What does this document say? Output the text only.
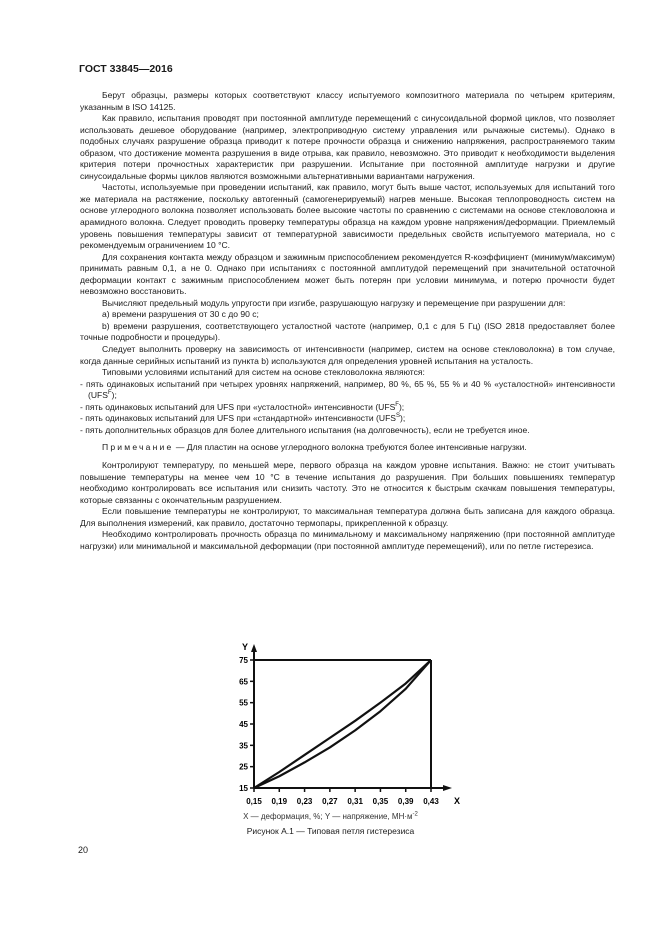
ГОСТ 33845—2016

Берут образцы, размеры которых соответствуют классу испытуемого композитного материала по четырем критериям, указанным в ISO 14125.

Как правило, испытания проводят при постоянной амплитуде перемещений с синусоидальной формой циклов, что позволяет использовать дешевое оборудование (например, электроприводную систему управления или рычажные системы). Однако в подобных случаях разрушение образца приводит к потере прочности образца и снижению напряжения, распространяемого таким образом, что достижение момента разрушения в виде отрыва, как правило, невозможно. Это приводит к необходимости выделения критерия потери прочностных характеристик при разрушении. Испытание при постоянной амплитуде нагрузки и другие синусоидальные формы циклов являются возможными альтернативными вариантами нагружения.

Частоты, используемые при проведении испытаний, как правило, могут быть выше частот, используемых для испытаний того же материала на растяжение, поскольку автогенный (самогенерируемый) нагрев меньше. Высокая теплопроводность систем на основе углеродного волокна позволяет использовать более высокие частоты по сравнению с системами на основе стекловолокна и арамидного волокна. Следует проводить проверку температуры образца на каждом уровне напряжения/деформации. Приемлемый уровень повышения температуры зависит от температурной зависимости предельных свойств испытуемого материала, но с рекомендуемым ограничением 10 °С.

Для сохранения контакта между образцом и зажимным приспособлением рекомендуется R-коэффициент (минимум/максимум) принимать равным 0,1, а не 0. Однако при испытаниях с постоянной амплитудой перемещений при значительной остаточной деформации контакт с зажимным приспособлением может быть потерян при условии минимума, и потерю прочности будет невозможно восстановить.

Вычисляют предельный модуль упругости при изгибе, разрушающую нагрузку и перемещение при разрушении для:

a) времени разрушения от 30 с до 90 с;

b) времени разрушения, соответствующего усталостной частоте (например, 0,1 с для 5 Гц) (ISO 2818 предоставляет более точные подробности и процедуры).

Следует выполнить проверку на зависимость от интенсивности (например, систем на основе стекловолокна) в том случае, когда данные серийных испытаний из пункта b) используются для определения уровней испытания на усталость.

Типовыми условиями испытаний для систем на основе стекловолокна являются:

- пять одинаковых испытаний при четырех уровнях напряжений, например, 80 %, 65 %, 55 % и 40 % «усталостной» интенсивности $(UFS^F)$;
- пять одинаковых испытаний для UFS при «усталостной» интенсивности $(UFS^F)$;
- пять одинаковых испытаний для UFS при «стандартной» интенсивности $(UFS^S)$;
- пять дополнительных образцов для более длительного испытания (на долговечность), если не требуется иное.

Примечание — Для пластин на основе углеродного волокна требуются более интенсивные нагрузки.

Контролируют температуру, по меньшей мере, первого образца на каждом уровне испытания. Важно: не стоит учитывать повышение температуры на менее чем 10 °С в течение испытания до разрушения. При больших повышениях температур необходимо контролировать все испытания или снизить частоту. Это не относится к быстрым скачкам повышения температуры, которые связанны с окончательным разрушением.

Если повышение температуры не контролируют, то максимальная температура должна быть записана для каждого образца. Для выполнения измерений, как правило, достаточно термопары, прикрепленной к образцу.

Необходимо контролировать прочность образца по минимальному и максимальному напряжению (при постоянной амплитуде нагрузки) или минимальной и максимальной деформации (при постоянной амплитуде перемещений), или по петле гистерезиса.

Y
X
15
25
35
45
55
65
75
0,15 0,19 0,23 0,27 0,31 0,35 0,39 0,43
X — деформация, %; Y — напряжение, $МН\cdot м^{-2}$
Рисунок А.1 — Типовая петля гистерезиса
20
